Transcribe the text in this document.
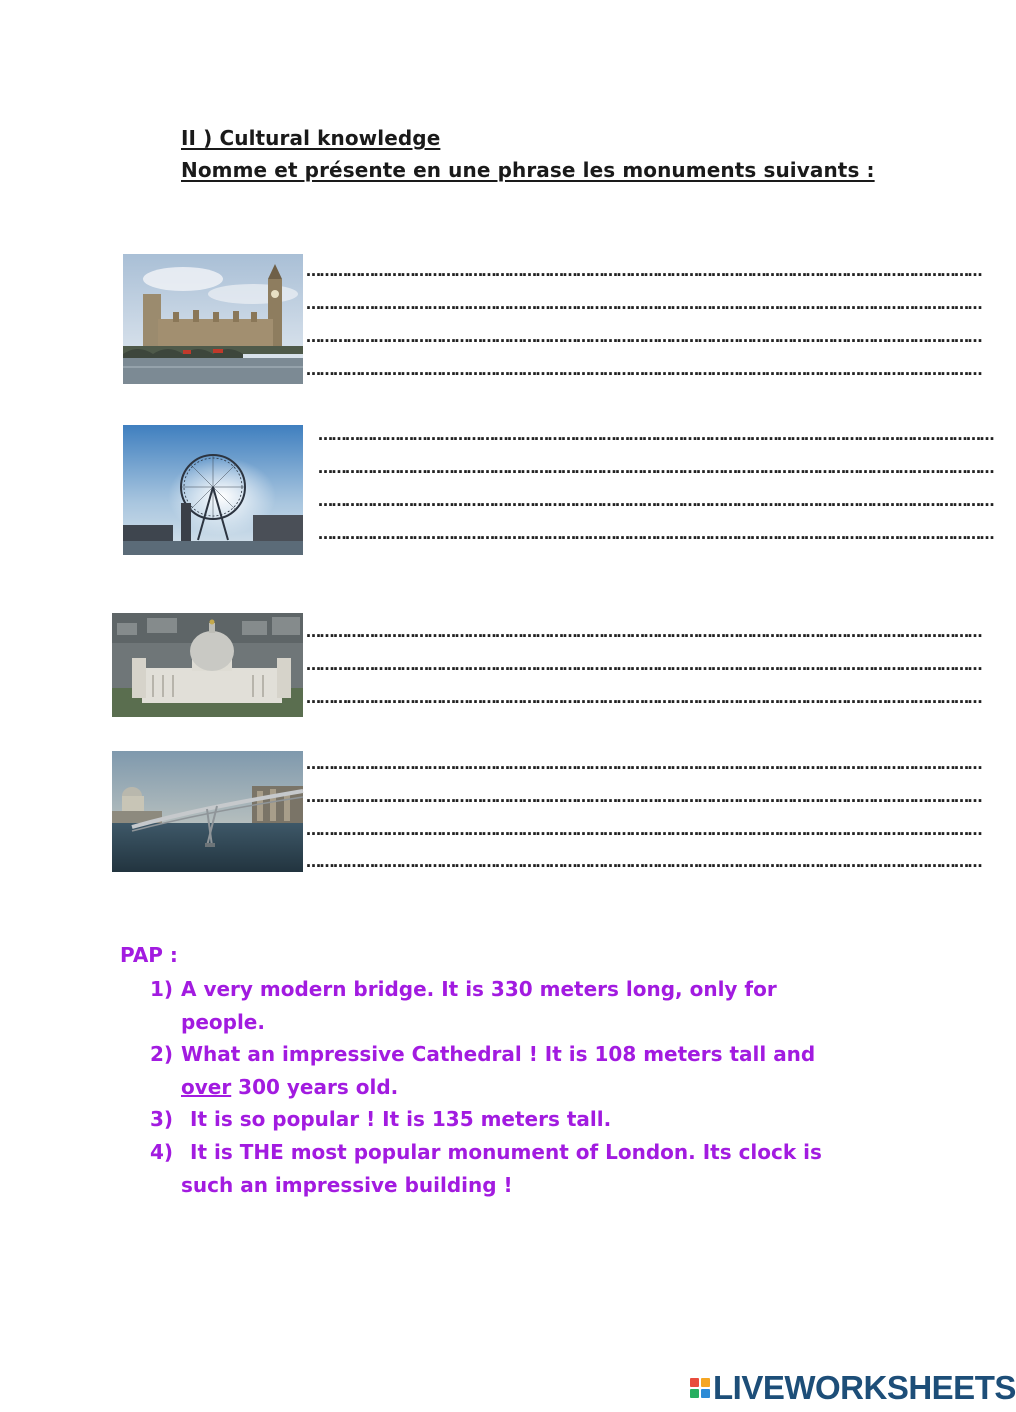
II ) Cultural knowledge
Nomme et présente en une phrase les monuments suivants :
……………………………………………………………………………………………………………………………………
……………………………………………………………………………………………………………………………………
……………………………………………………………………………………………………………………………………
……………………………………………………………………………………………………………………………………
……………………………………………………………………………………………………………………………………
……………………………………………………………………………………………………………………………………
……………………………………………………………………………………………………………………………………
……………………………………………………………………………………………………………………………………
……………………………………………………………………………………………………………………………………
……………………………………………………………………………………………………………………………………
……………………………………………………………………………………………………………………………………
……………………………………………………………………………………………………………………………………
……………………………………………………………………………………………………………………………………
……………………………………………………………………………………………………………………………………
……………………………………………………………………………………………………………………………………
PAP :
1) A very modern bridge. It is 330 meters long, only for people.
2) What an impressive Cathedral ! It is 108 meters tall and over 300 years old.
3) It is so popular ! It is 135 meters tall.
4) It is THE most popular monument of London. Its clock is such an impressive building !
LIVEWORKSHEETS
